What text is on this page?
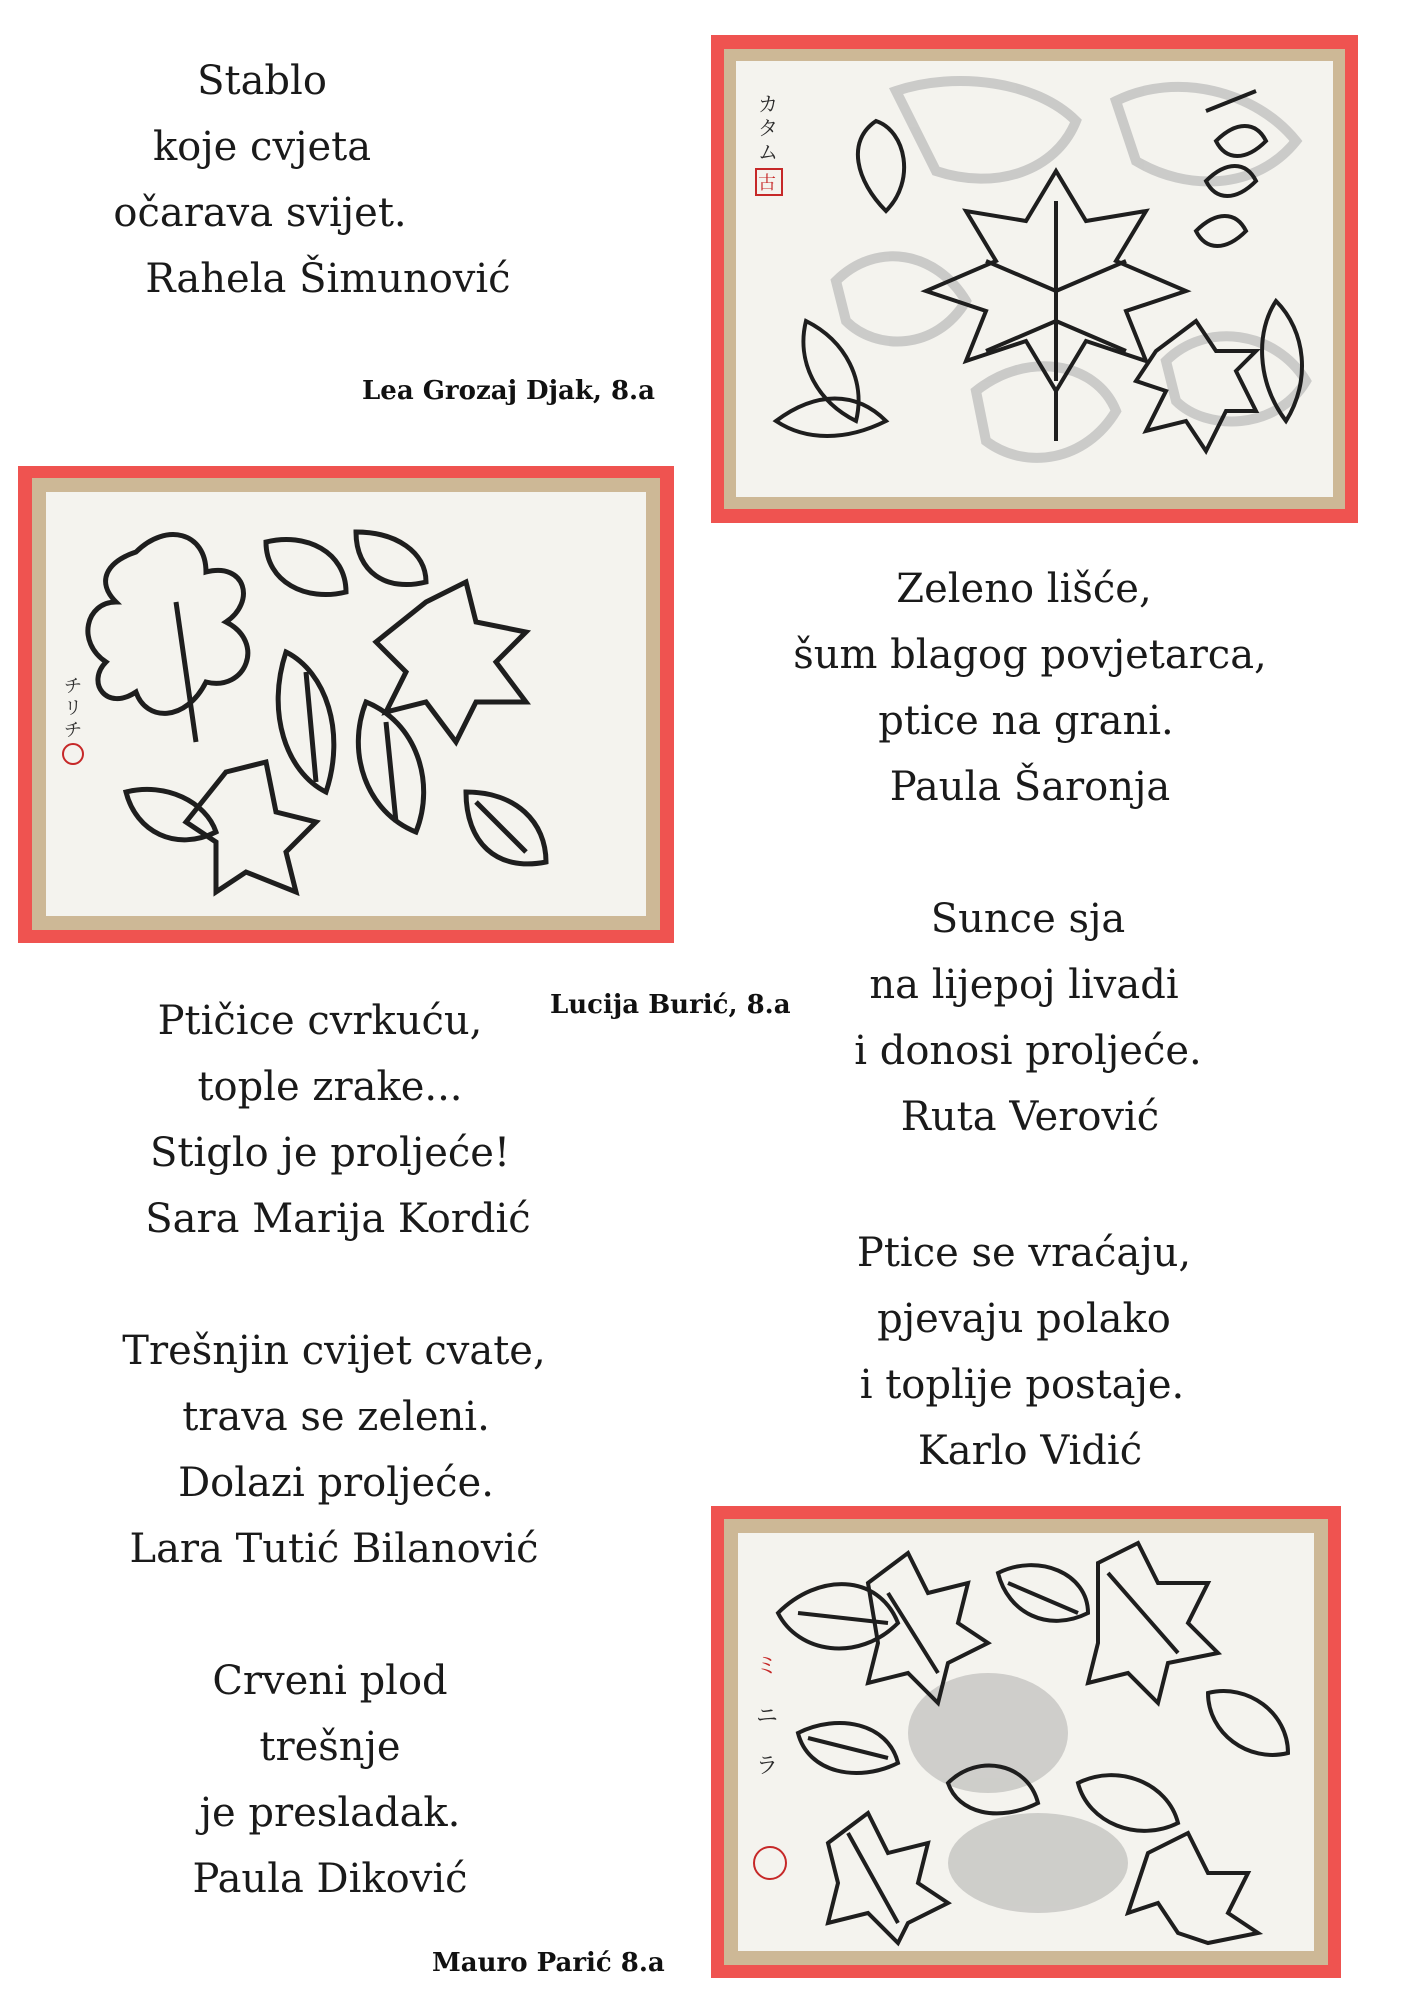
カ
タ
ム
古
チ
リ
チ
ミ
ニ
ラ
Stablo
koje cvjeta
očarava svijet.
Rahela Šimunović
Lea Grozaj Djak, 8.a
Zeleno lišće,
šum blagog povjetarca,
ptice na grani.
Paula Šaronja
Sunce sja
na lijepoj livadi
i donosi proljeće.
Ruta Verović
Lucija Burić, 8.a
Ptičice cvrkuću,
tople zrake...
Stiglo je proljeće!
Sara Marija Kordić
Ptice se vraćaju,
pjevaju polako
i toplije postaje.
Karlo Vidić
Trešnjin cvijet cvate,
trava se zeleni.
Dolazi proljeće.
Lara Tutić Bilanović
Crveni plod
trešnje
je presladak.
Paula Diković
Mauro Parić 8.a
